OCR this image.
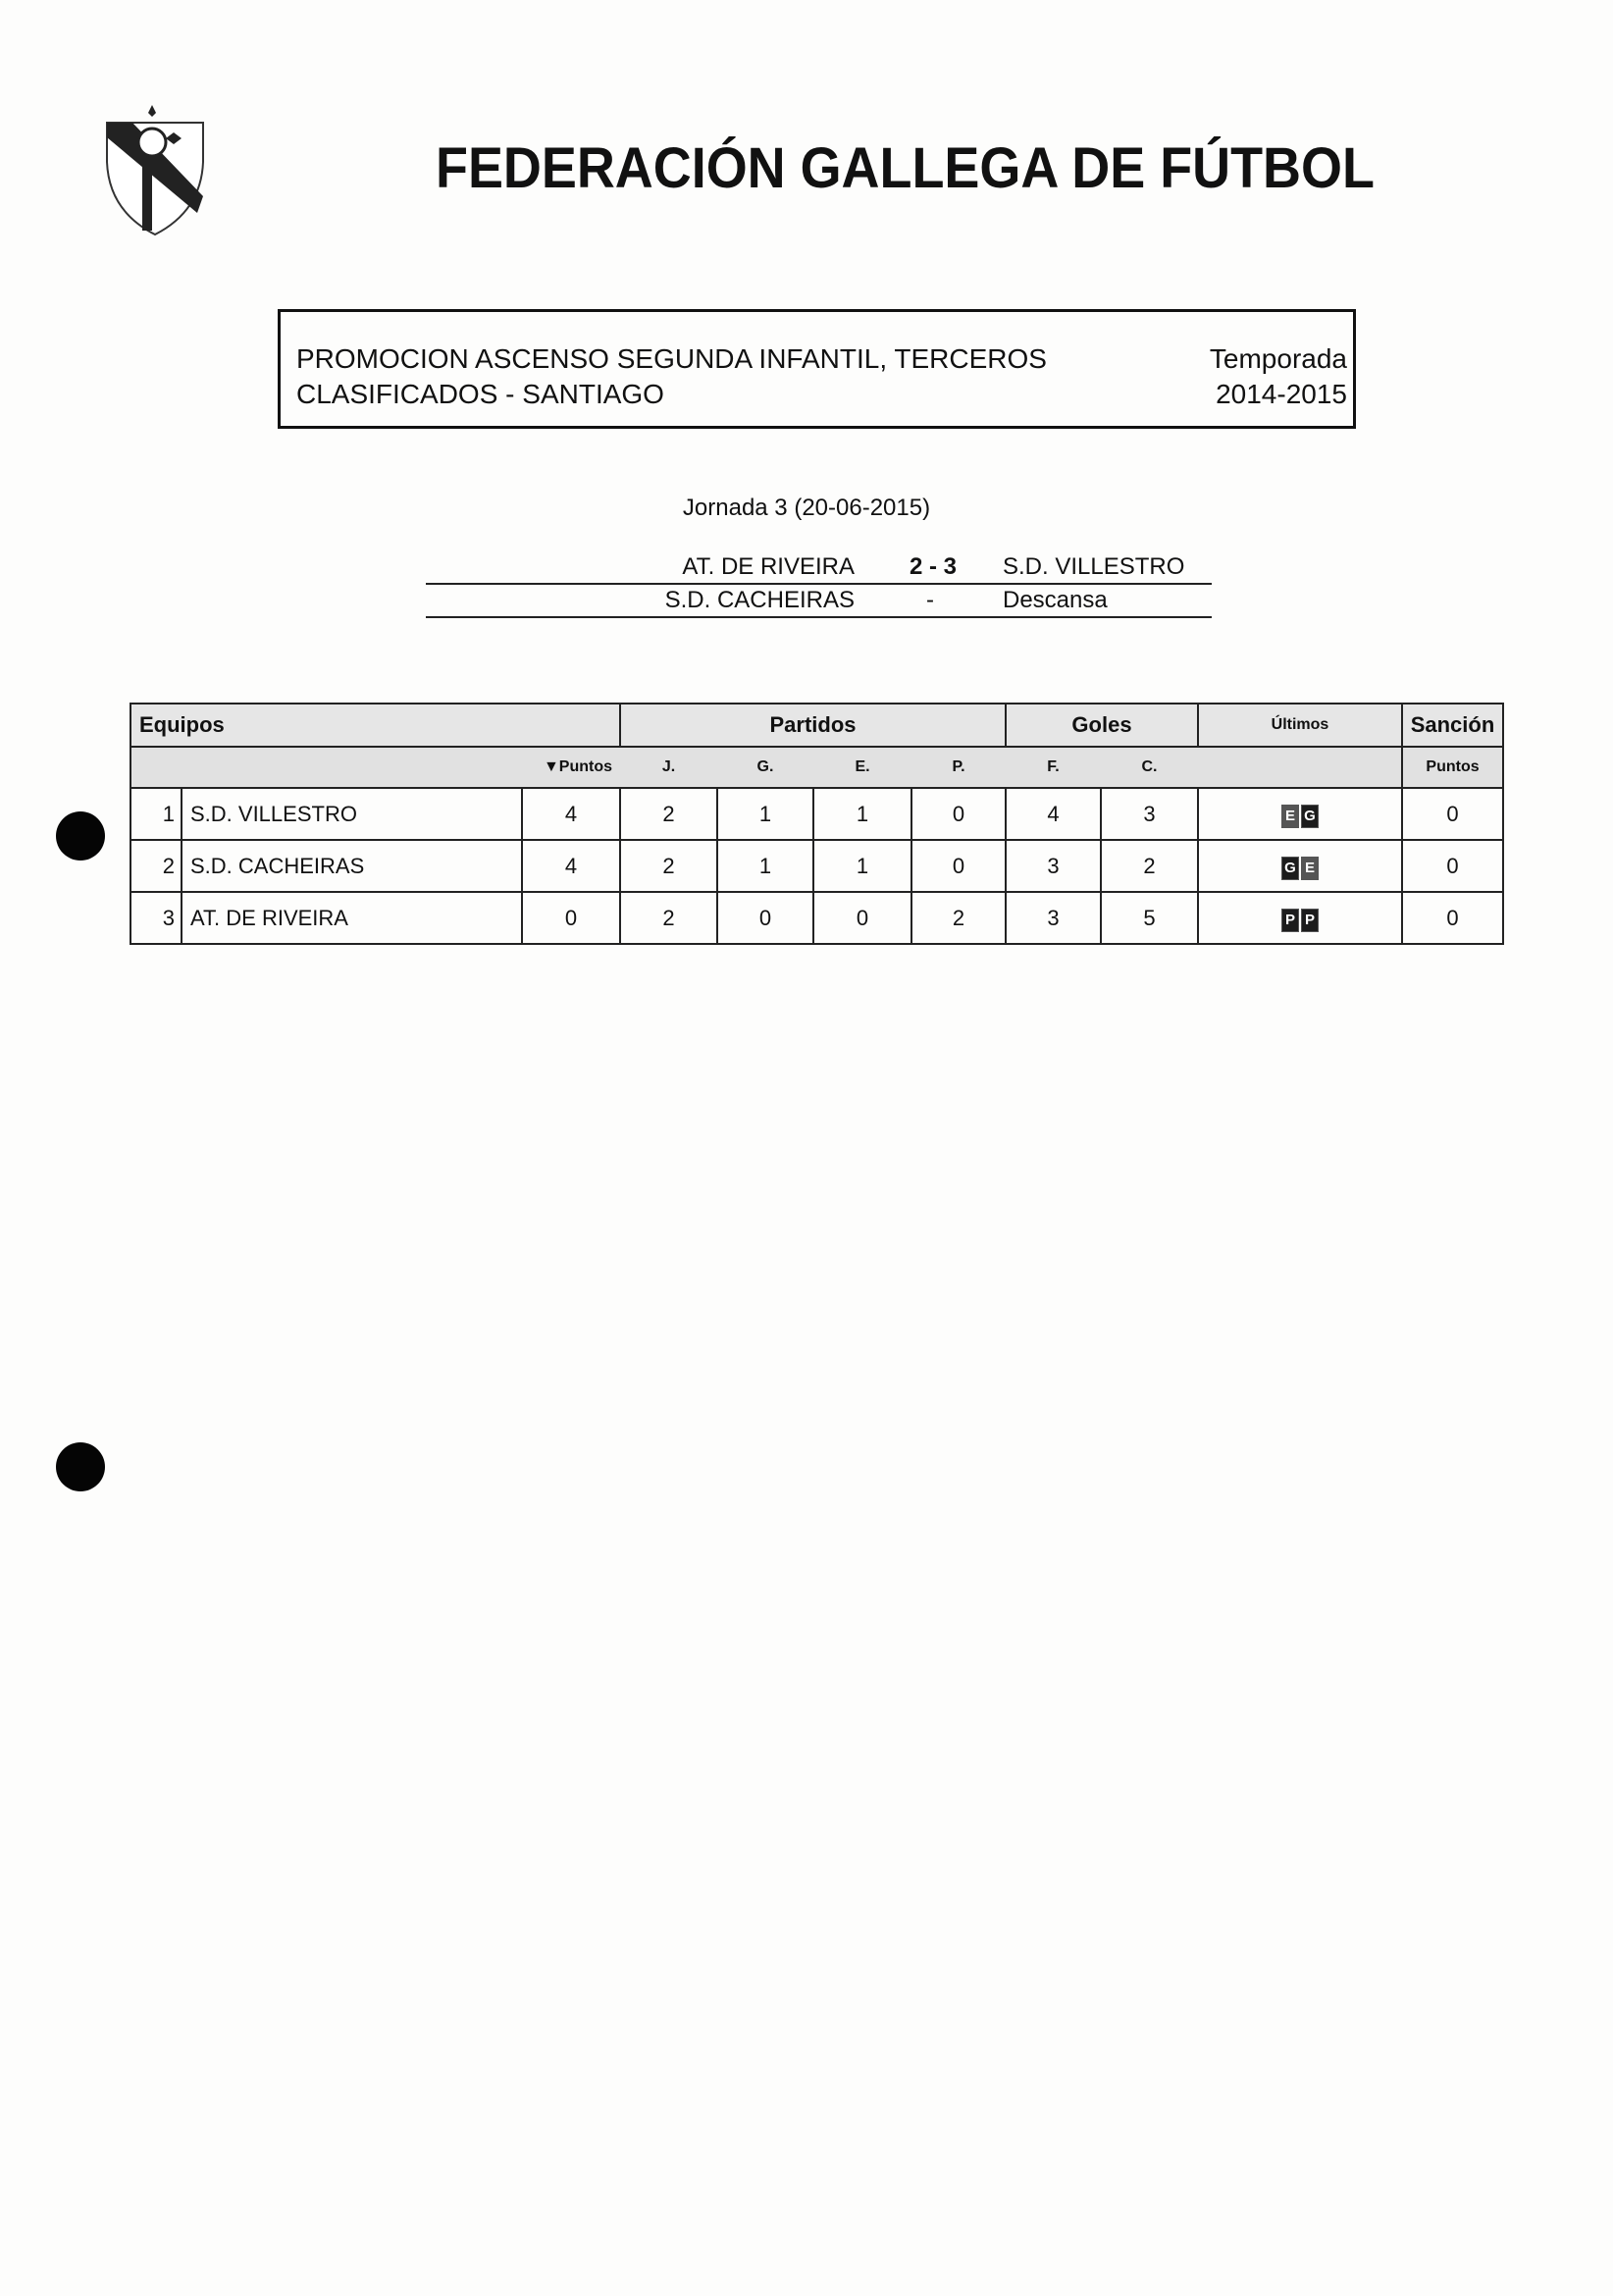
FEDERACIÓN GALLEGA DE FÚTBOL
PROMOCION ASCENSO SEGUNDA INFANTIL, TERCEROS
CLASIFICADOS - SANTIAGO
Temporada
2014-2015
Jornada 3 (20-06-2015)
AT. DE RIVEIRA 2 - 3 S.D. VILLESTRO
S.D. CACHEIRAS	-	Descansa
Equipos			Partidos				Goles		Últimos	Sanción
		▼Puntos	J.	G.	E.	P.	F.	C.		Puntos
1	S.D. VILLESTRO	4	2	1	1	0	4	3	E G	0
2	S.D. CACHEIRAS	4	2	1	1	0	3	2	G E	0
3	AT. DE RIVEIRA	0	2	0	0	2	3	5	P P	0
